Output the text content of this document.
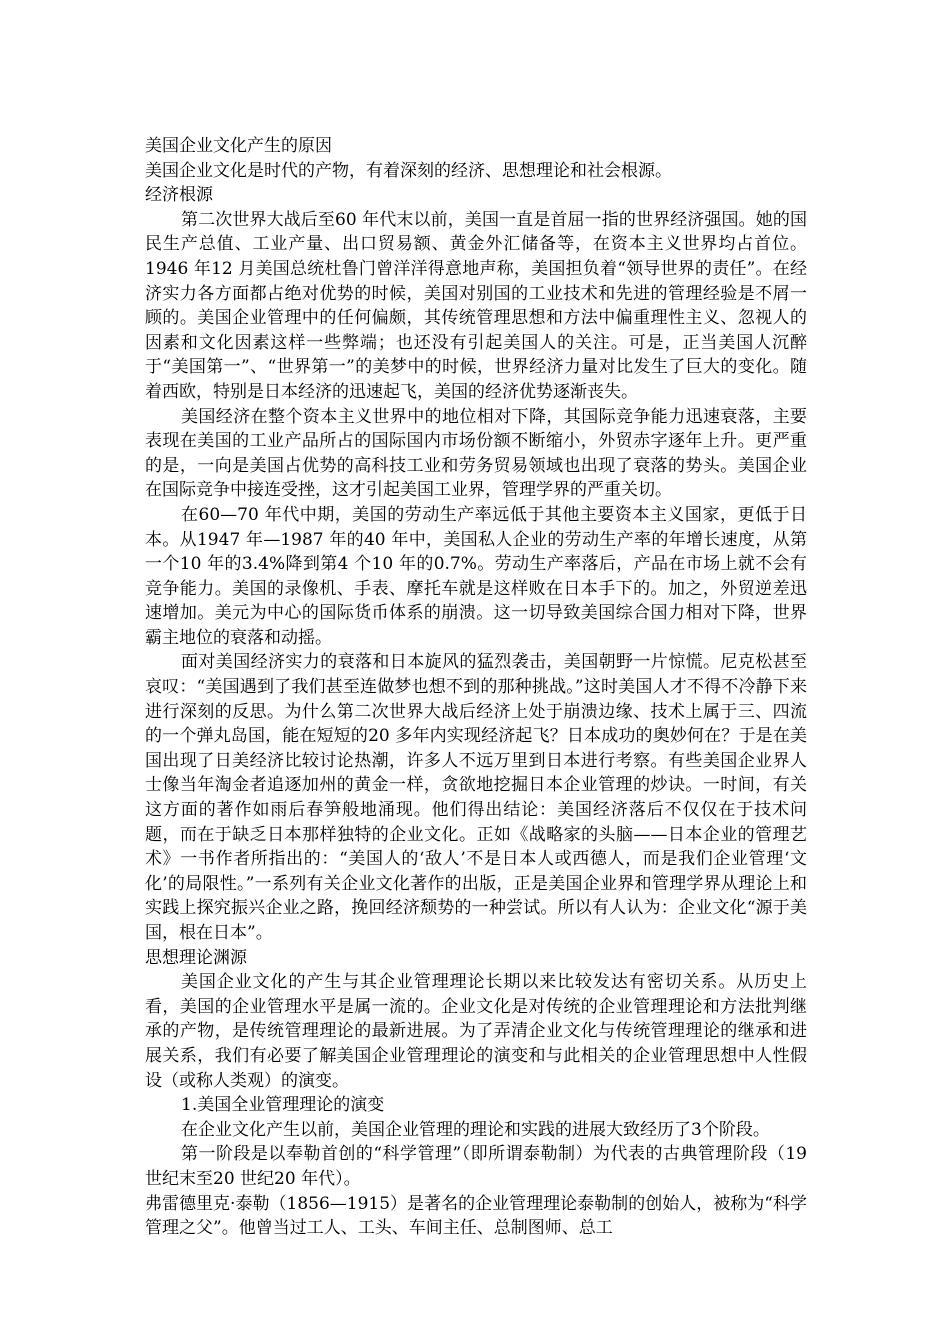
美国企业文化产生的原因

美国企业文化是时代的产物，有着深刻的经济、思想理论和社会根源。

经济根源

第二次世界大战后至60 年代末以前，美国一直是首屈一指的世界经济强国。她的国民生产总值、工业产量、出口贸易额、黄金外汇储备等，在资本主义世界均占首位。 1946 年12 月美国总统杜鲁门曾洋洋得意地声称，美国担负着“领导世界的责任”。在经济实力各方面都占绝对优势的时候，美国对别国的工业技术和先进的管理经验是不屑一顾的。美国企业管理中的任何偏颇，其传统管理思想和方法中偏重理性主义、忽视人的因素和文化因素这样一些弊端；也还没有引起美国人的关注。可是，正当美国人沉醉于“美国第一”、“世界第一”的美梦中的时候，世界经济力量对比发生了巨大的变化。随着西欧，特别是日本经济的迅速起飞，美国的经济优势逐渐丧失。

美国经济在整个资本主义世界中的地位相对下降，其国际竞争能力迅速衰落，主要表现在美国的工业产品所占的国际国内市场份额不断缩小，外贸赤字逐年上升。更严重的是，一向是美国占优势的高科技工业和劳务贸易领域也出现了衰落的势头。美国企业在国际竞争中接连受挫，这才引起美国工业界，管理学界的严重关切。

在60—70 年代中期，美国的劳动生产率远低于其他主要资本主义国家，更低于日本。从1947 年—1987 年的40 年中，美国私人企业的劳动生产率的年增长速度，从第一个10 年的3.4%降到第4 个10 年的0.7%。劳动生产率落后，产品在市场上就不会有竞争能力。美国的录像机、手表、摩托车就是这样败在日本手下的。加之，外贸逆差迅速增加。美元为中心的国际货币体系的崩溃。这一切导致美国综合国力相对下降，世界霸主地位的衰落和动摇。

面对美国经济实力的衰落和日本旋风的猛烈袭击，美国朝野一片惊慌。尼克松甚至哀叹：“美国遇到了我们甚至连做梦也想不到的那种挑战。”这时美国人才不得不冷静下来进行深刻的反思。为什么第二次世界大战后经济上处于崩溃边缘、技术上属于三、四流的一个弹丸岛国，能在短短的20 多年内实现经济起飞？日本成功的奥妙何在？于是在美国出现了日美经济比较讨论热潮，许多人不远万里到日本进行考察。有些美国企业界人士像当年淘金者追逐加州的黄金一样，贪欲地挖掘日本企业管理的炒诀。一时间，有关这方面的著作如雨后春笋般地涌现。他们得出结论：美国经济落后不仅仅在于技术问题，而在于缺乏日本那样独特的企业文化。正如《战略家的头脑——日本企业的管理艺术》一书作者所指出的：“美国人的‘敌人’不是日本人或西德人，而是我们企业管理‘文化’的局限性。”一系列有关企业文化著作的出版，正是美国企业界和管理学界从理论上和实践上探究振兴企业之路，挽回经济颓势的一种尝试。所以有人认为：企业文化“源于美国，根在日本”。

思想理论渊源

美国企业文化的产生与其企业管理理论长期以来比较发达有密切关系。从历史上看，美国的企业管理水平是属一流的。企业文化是对传统的企业管理理论和方法批判继承的产物，是传统管理理论的最新进展。为了弄清企业文化与传统管理理论的继承和进展关系，我们有必要了解美国企业管理理论的演变和与此相关的企业管理思想中人性假设（或称人类观）的演变。

1.美国全业管理理论的演变

在企业文化产生以前，美国企业管理的理论和实践的进展大致经历了3个阶段。

第一阶段是以奉勒首创的“科学管理”（即所谓泰勒制）为代表的古典管理阶段（19 世纪末至20 世纪20 年代）。

弗雷德里克·泰勒（1856—1915）是著名的企业管理理论泰勒制的创始人，被称为“科学管理之父”。他曾当过工人、工头、车间主任、总制图师、总工
